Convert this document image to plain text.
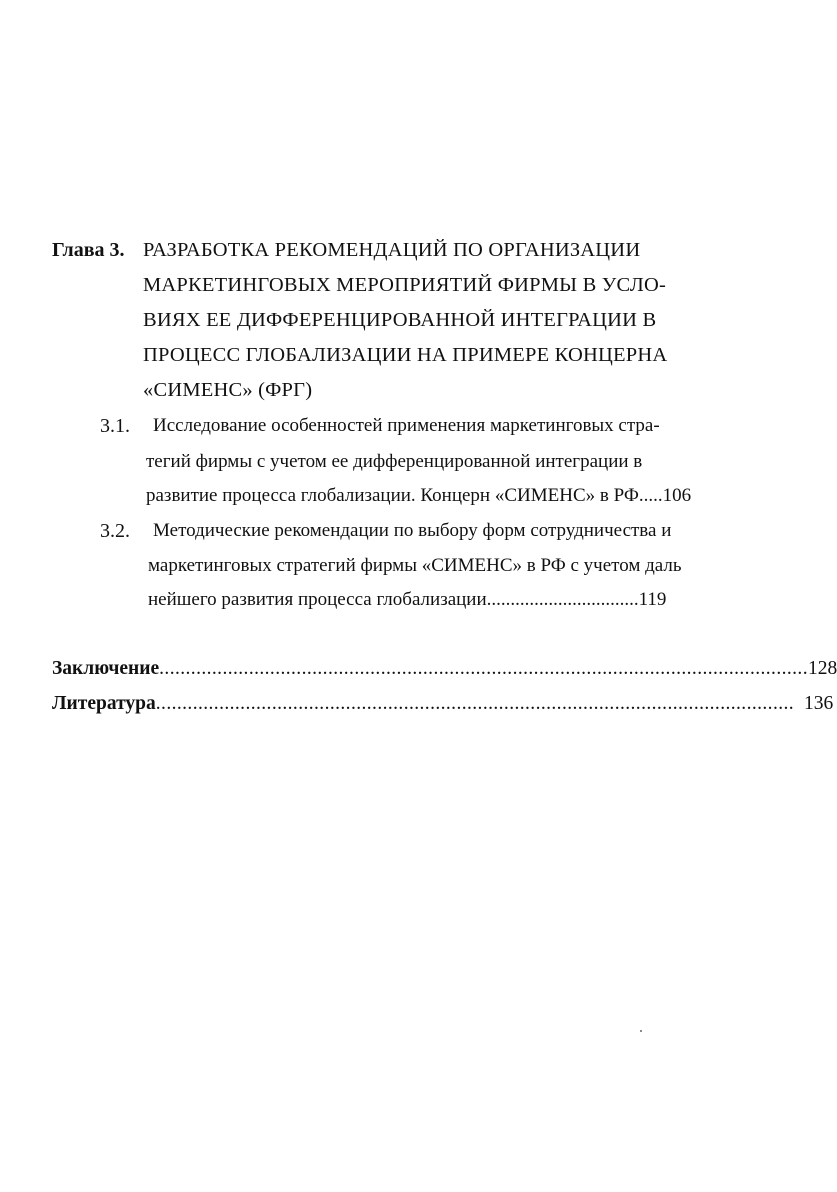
Глава 3. РАЗРАБОТКА РЕКОМЕНДАЦИЙ ПО ОРГАНИЗАЦИИ
МАРКЕТИНГОВЫХ МЕРОПРИЯТИЙ ФИРМЫ В УСЛО-
ВИЯХ ЕЕ ДИФФЕРЕНЦИРОВАННОЙ ИНТЕГРАЦИИ В
ПРОЦЕСС ГЛОБАЛИЗАЦИИ НА ПРИМЕРЕ КОНЦЕРНА
«СИМЕНС» (ФРГ)
3.1. Исследование особенностей применения маркетинговых стра-
тегий фирмы с учетом ее дифференцированной интеграции в
развитие процесса глобализации. Концерн «СИМЕНС» в РФ.....106
3.2. Методические рекомендации по выбору форм сотрудничества и
маркетинговых стратегий фирмы «СИМЕНС» в РФ с учетом даль
нейшего развития процесса глобализации................................119
Заключение ........................................................................................................................... 128
Литература ......................................................................................................................... 136
